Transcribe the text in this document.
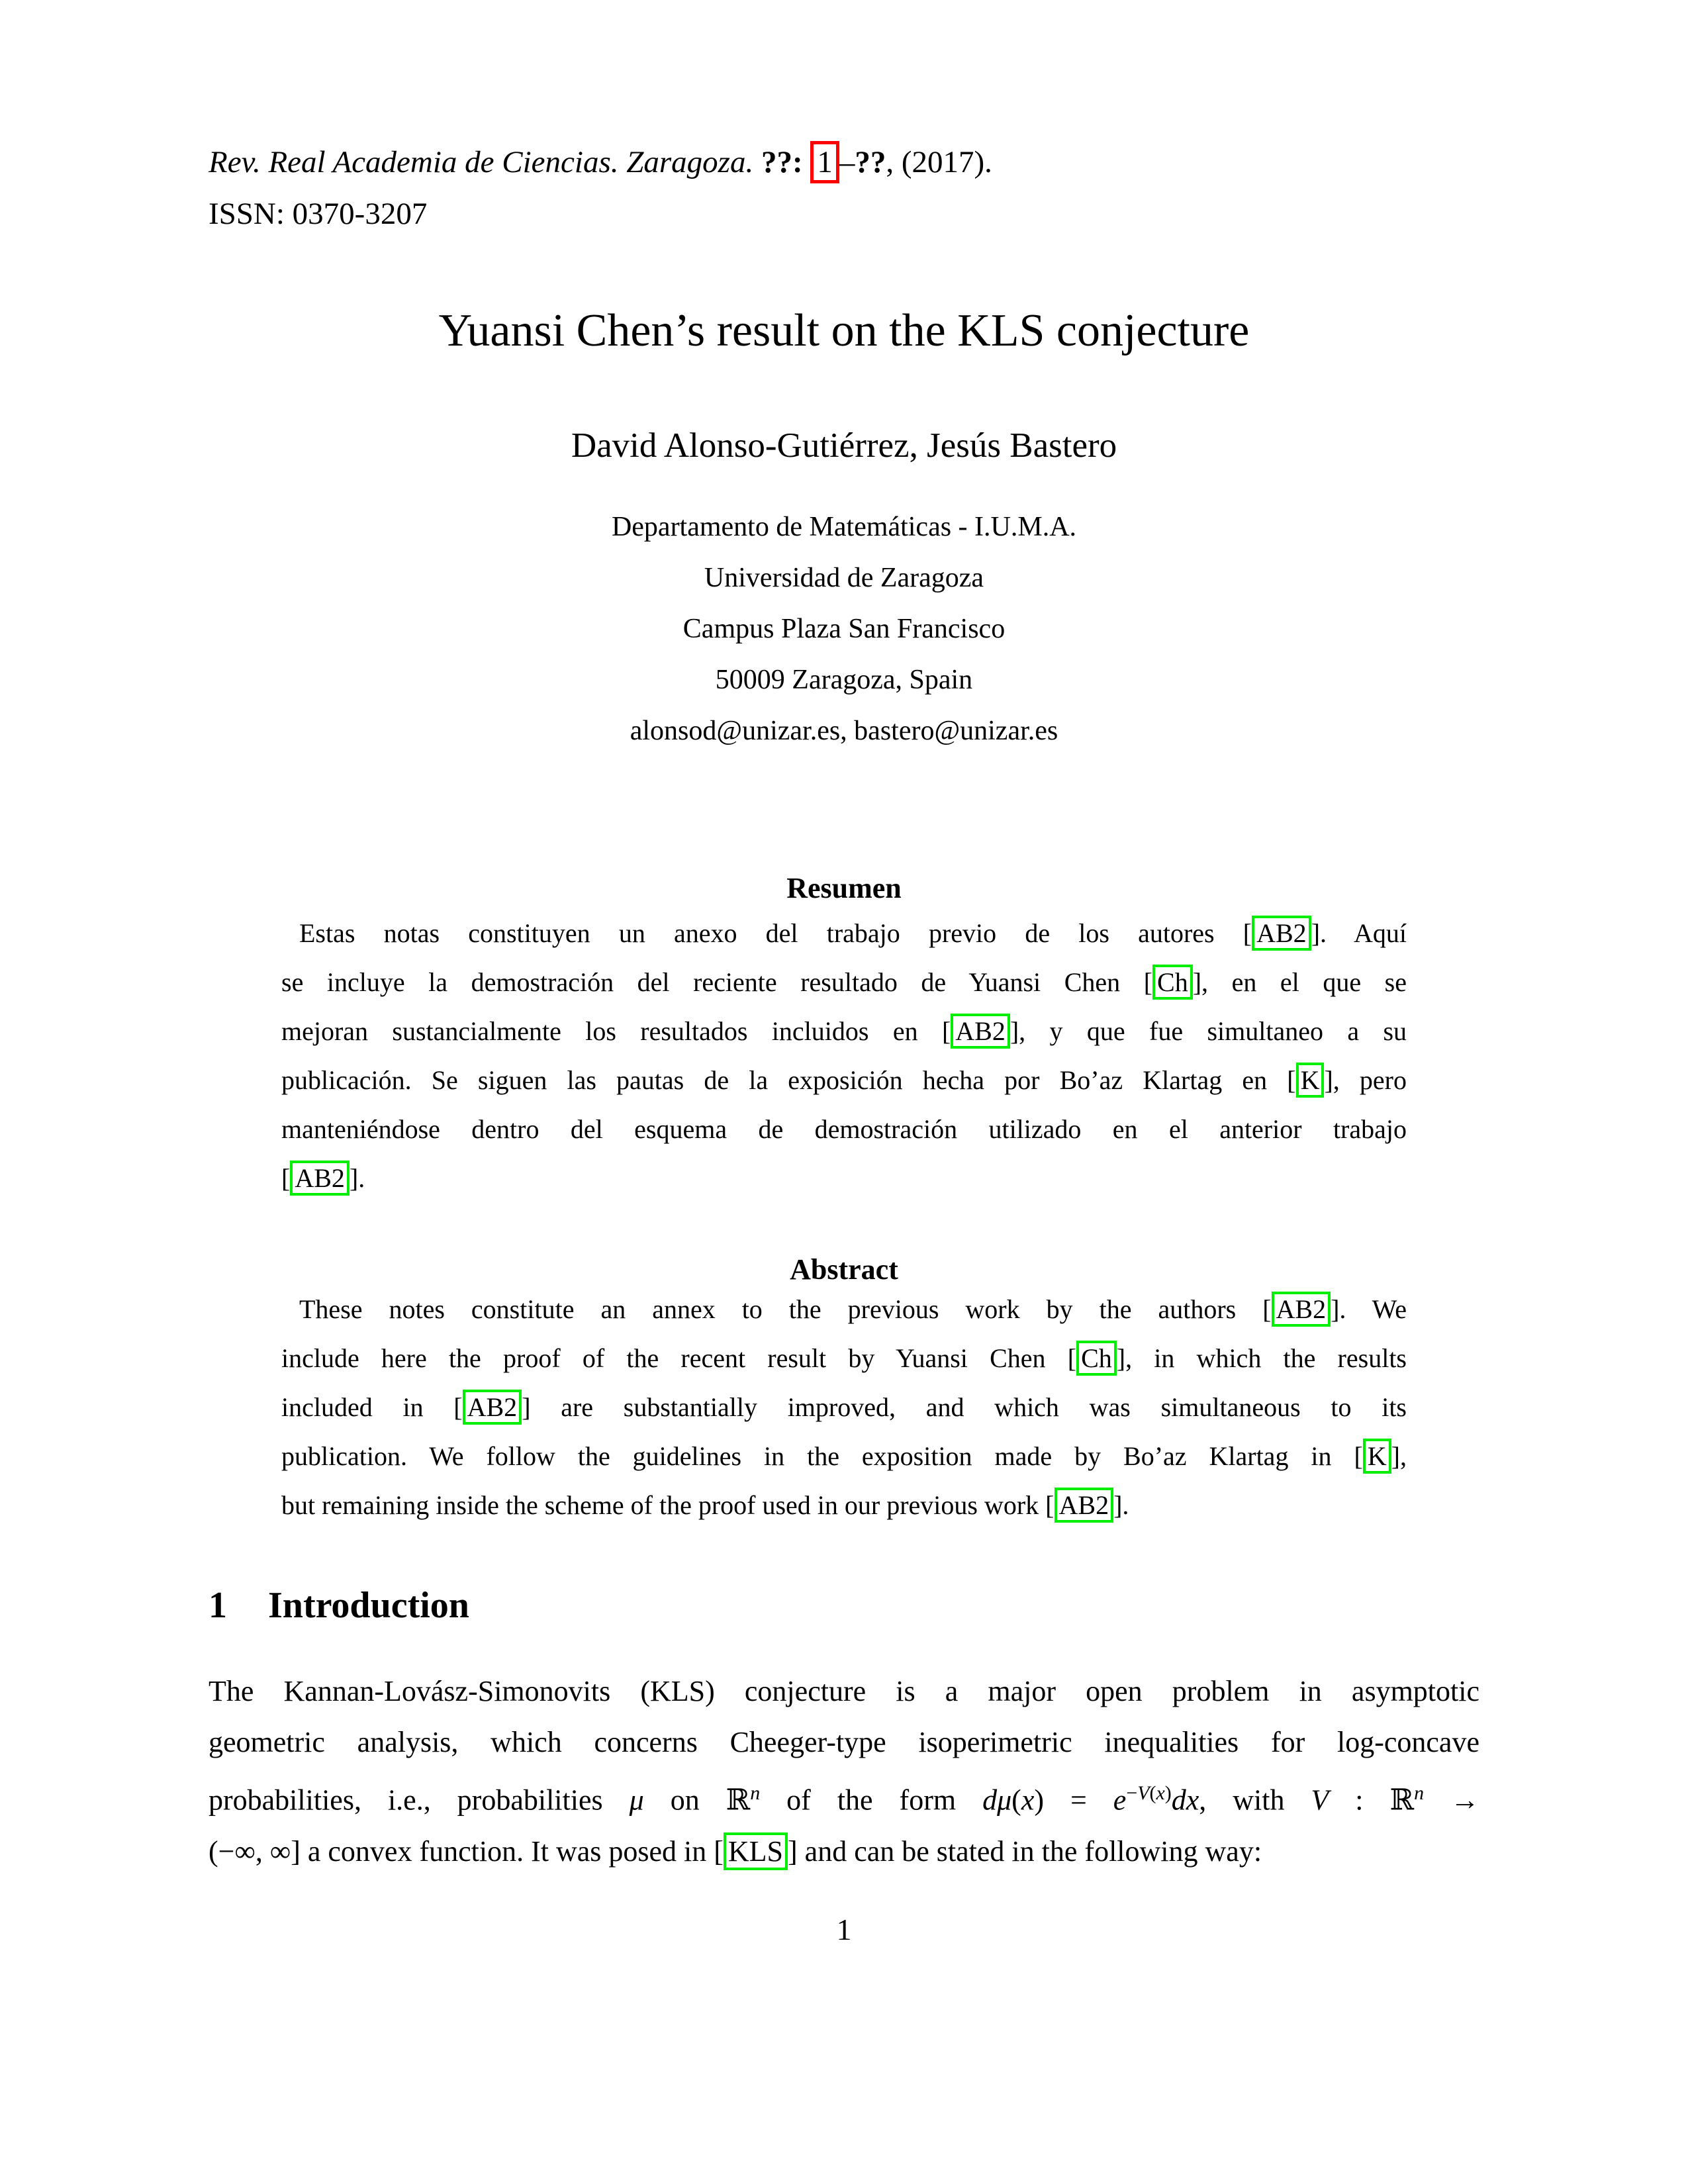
Rev. Real Academia de Ciencias. Zaragoza. ??: 1 –??, (2017).
ISSN: 0370-3207
Yuansi Chen’s result on the KLS conjecture
David Alonso-Gutiérrez, Jesús Bastero
Departamento de Matemáticas - I.U.M.A.
Universidad de Zaragoza
Campus Plaza San Francisco
50009 Zaragoza, Spain
alonsod@unizar.es, bastero@unizar.es
Resumen
Estas notas constituyen un anexo del trabajo previo de los autores [ AB2 ]. Aquí
se incluye la demostración del reciente resultado de Yuansi Chen [ Ch ], en el que se
mejoran sustancialmente los resultados incluidos en [ AB2 ], y que fue simultaneo a su
publicación. Se siguen las pautas de la exposición hecha por Bo’az Klartag en [ K ], pero
manteniéndose dentro del esquema de demostración utilizado en el anterior trabajo
[ AB2 ].
Abstract
These notes constitute an annex to the previous work by the authors [ AB2 ]. We
include here the proof of the recent result by Yuansi Chen [ Ch ], in which the results
included in [ AB2 ] are substantially improved, and which was simultaneous to its
publication. We follow the guidelines in the exposition made by Bo’az Klartag in [ K ],
but remaining inside the scheme of the proof used in our previous work [ AB2 ].
1 Introduction
The Kannan-Lovász-Simonovits (KLS) conjecture is a major open problem in asymptotic
geometric analysis, which concerns Cheeger-type isoperimetric inequalities for log-concave
probabilities, i.e., probabilities μ on ℝ$^n$ of the form $d\mu(x) = e^{-V(x)}dx$, with V : ℝ$^n$ →
(−∞, ∞] a convex function. It was posed in [ KLS ] and can be stated in the following way:
1
